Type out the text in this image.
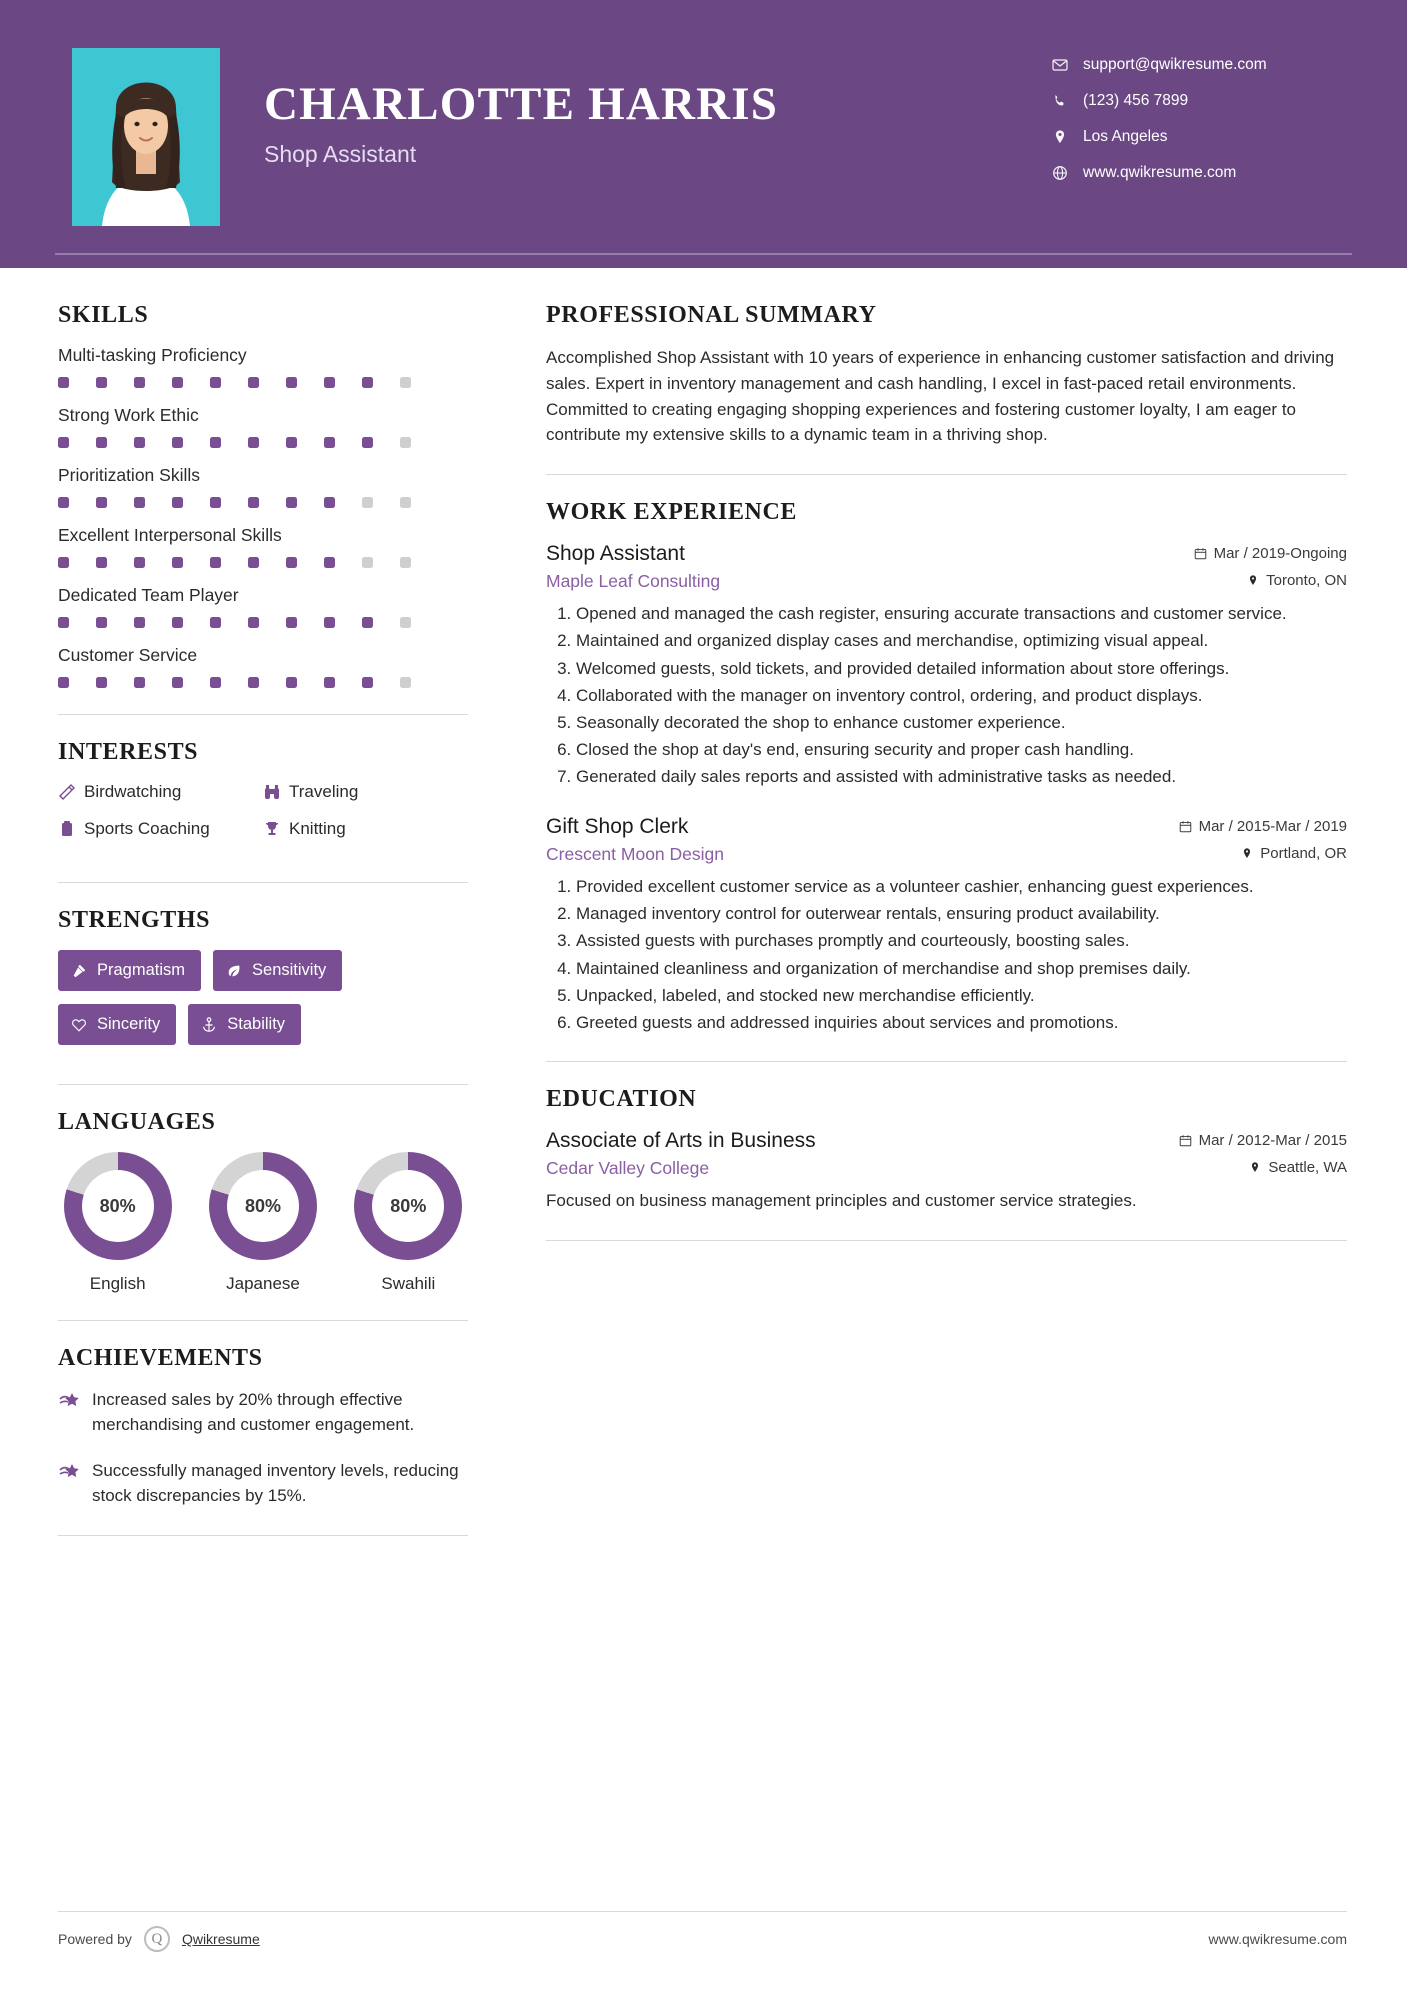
CHARLOTTE HARRIS
Shop Assistant
support@qwikresume.com
(123) 456 7899
Los Angeles
www.qwikresume.com
SKILLS
Multi-tasking Proficiency
Strong Work Ethic
Prioritization Skills
Excellent Interpersonal Skills
Dedicated Team Player
Customer Service
INTERESTS
Birdwatching	Traveling
Sports Coaching	Knitting
STRENGTHS
Pragmatism	Sensitivity
Sincerity	Stability
LANGUAGES
80%
English
80%
Japanese
80%
Swahili
ACHIEVEMENTS
Increased sales by 20% through effective merchandising and customer engagement.
Successfully managed inventory levels, reducing stock discrepancies by 15%.
PROFESSIONAL SUMMARY
Accomplished Shop Assistant with 10 years of experience in enhancing customer satisfaction and driving sales. Expert in inventory management and cash handling, I excel in fast-paced retail environments. Committed to creating engaging shopping experiences and fostering customer loyalty, I am eager to contribute my extensive skills to a dynamic team in a thriving shop.
WORK EXPERIENCE
Shop Assistant	Mar / 2019-Ongoing
Maple Leaf Consulting	Toronto, ON
1. Opened and managed the cash register, ensuring accurate transactions and customer service.
2. Maintained and organized display cases and merchandise, optimizing visual appeal.
3. Welcomed guests, sold tickets, and provided detailed information about store offerings.
4. Collaborated with the manager on inventory control, ordering, and product displays.
5. Seasonally decorated the shop to enhance customer experience.
6. Closed the shop at day's end, ensuring security and proper cash handling.
7. Generated daily sales reports and assisted with administrative tasks as needed.
Gift Shop Clerk	Mar / 2015-Mar / 2019
Crescent Moon Design	Portland, OR
1. Provided excellent customer service as a volunteer cashier, enhancing guest experiences.
2. Managed inventory control for outerwear rentals, ensuring product availability.
3. Assisted guests with purchases promptly and courteously, boosting sales.
4. Maintained cleanliness and organization of merchandise and shop premises daily.
5. Unpacked, labeled, and stocked new merchandise efficiently.
6. Greeted guests and addressed inquiries about services and promotions.
EDUCATION
Associate of Arts in Business	Mar / 2012-Mar / 2015
Cedar Valley College	Seattle, WA
Focused on business management principles and customer service strategies.
Powered by	Q	Qwikresume	www.qwikresume.com
